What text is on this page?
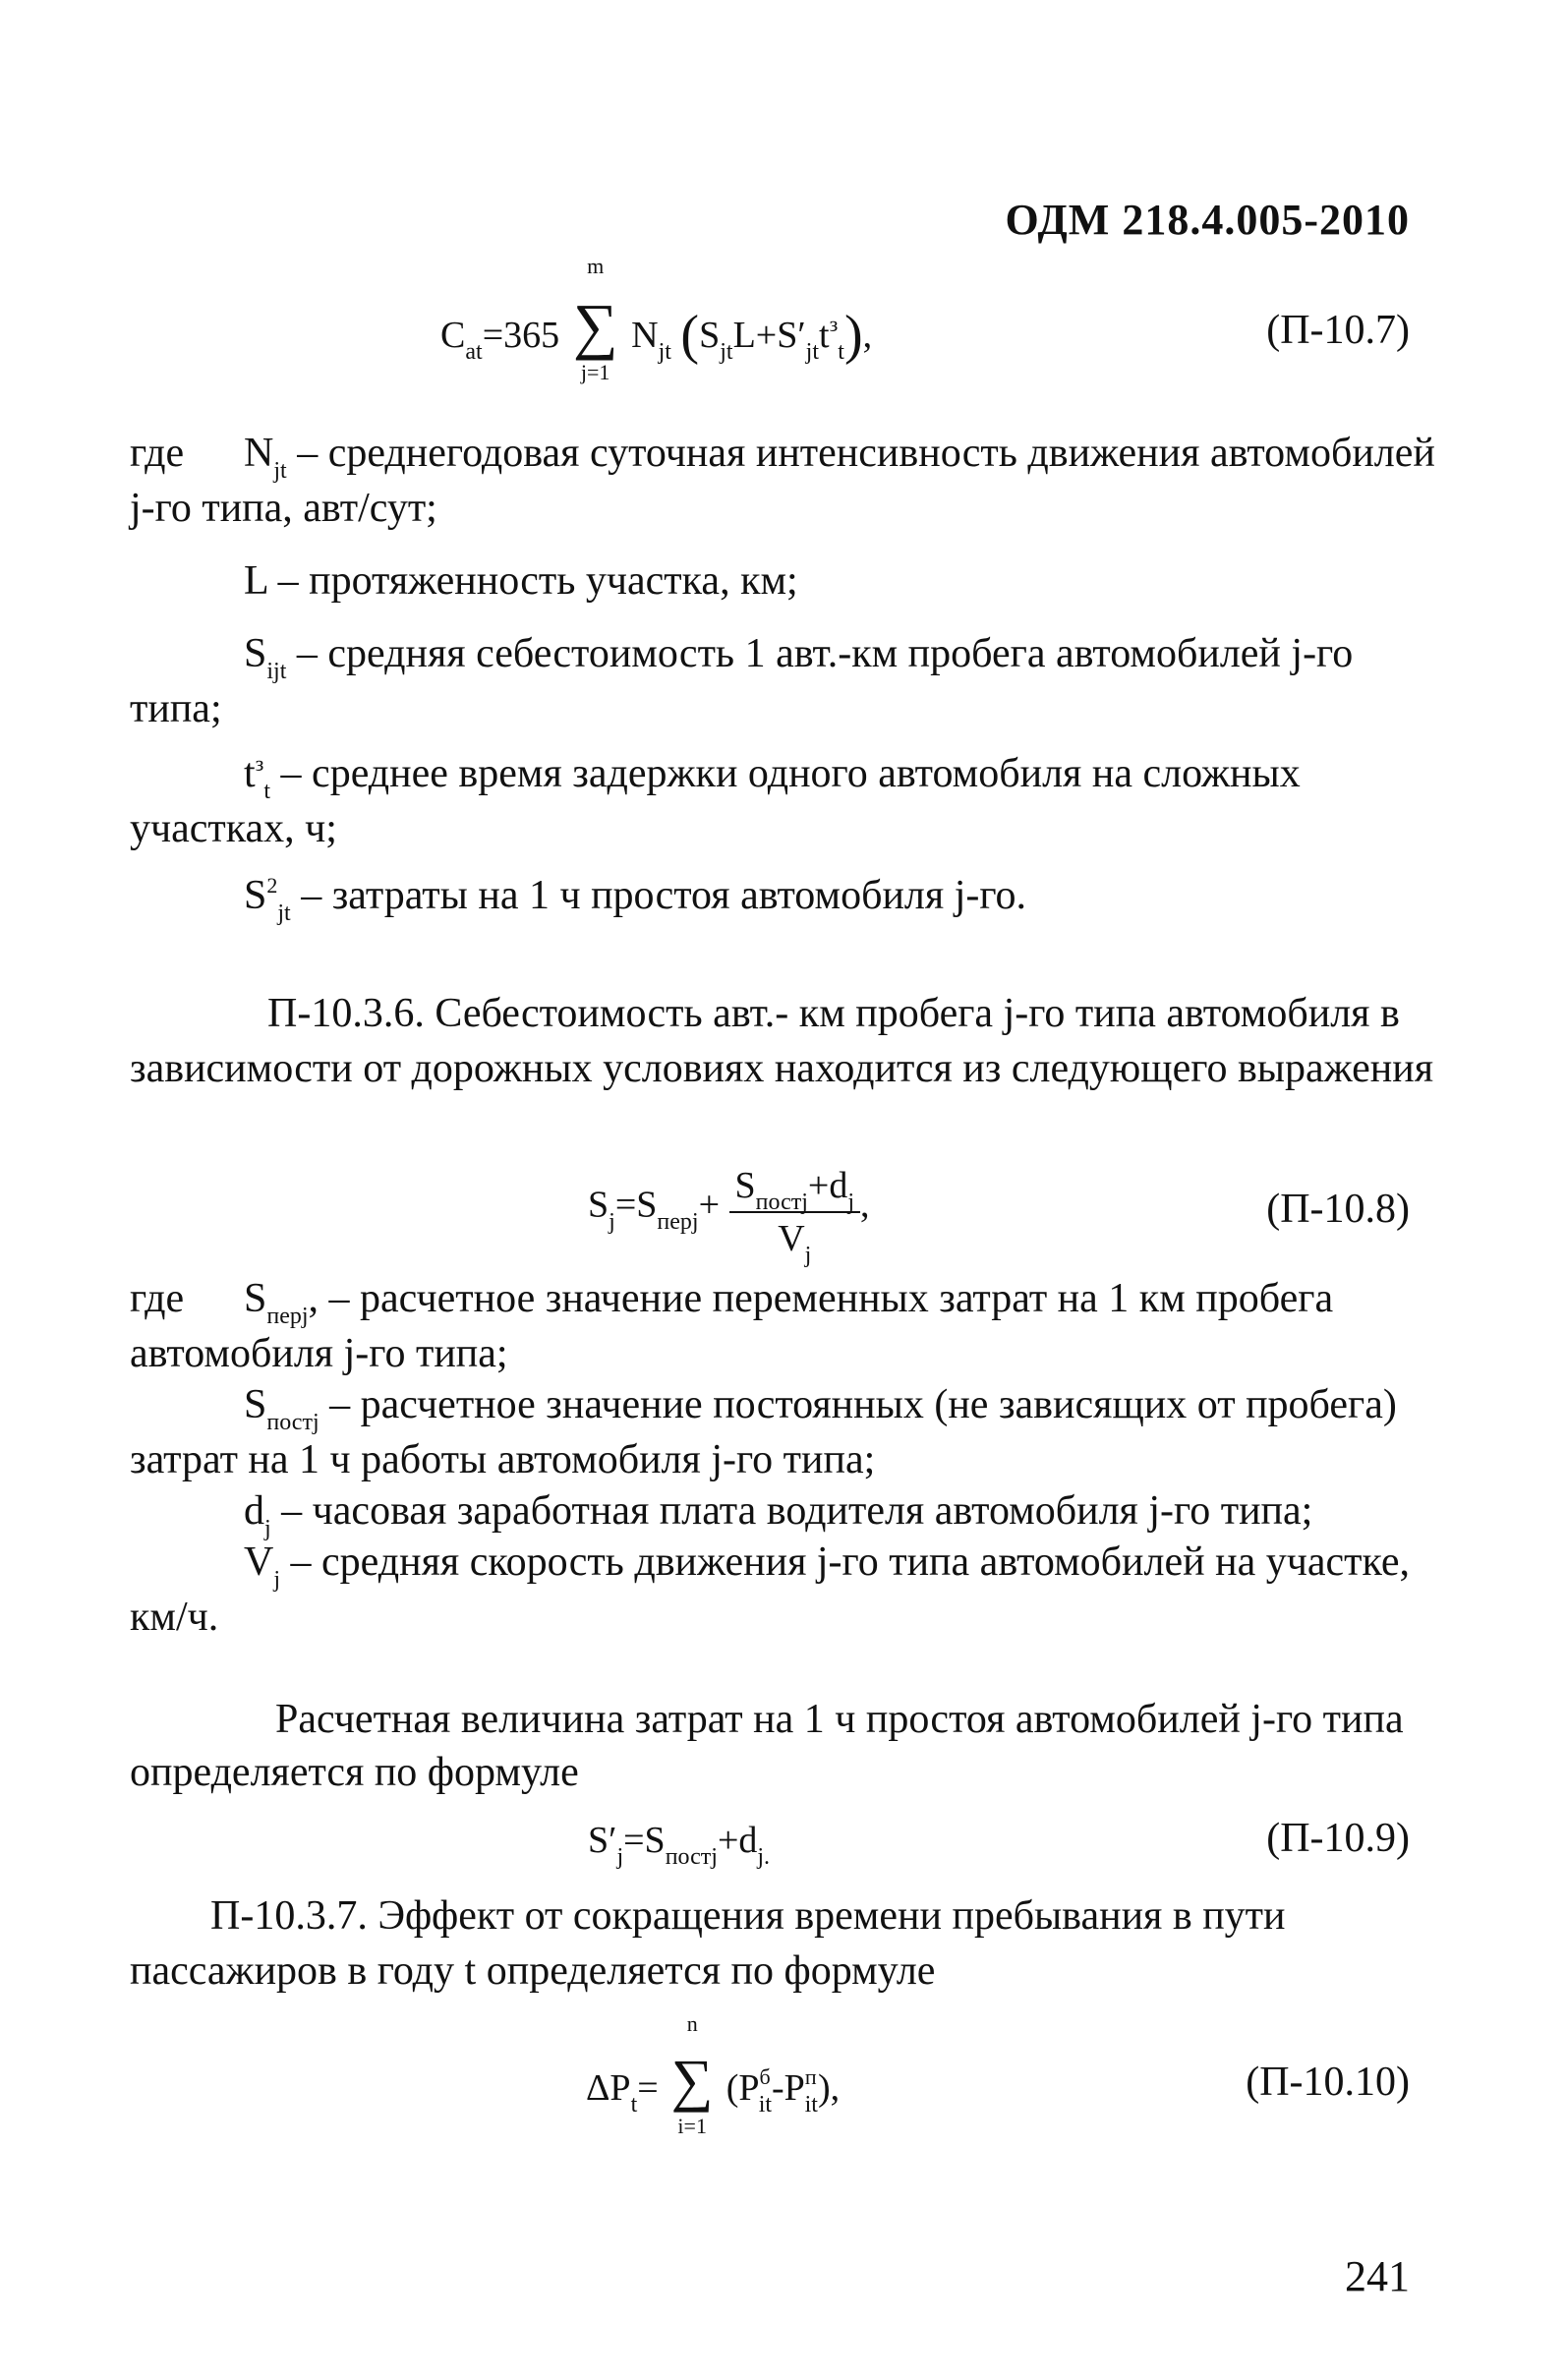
ОДМ 218.4.005-2010
$C_{at}=365$
m
∑
j=1
$N_{jt}$ $(S_{jt}L+S'_{jt}t^з_t)$,	(П-10.7)
где $N_{jt}$ – среднегодовая суточная интенсивность движения автомобилей
j-го типа, авт/сут;
L – протяженность участка, км;
$S_{ijt}$ – средняя себестоимость 1 авт.-км пробега автомобилей j-го
типа;
$t^з_t$ – среднее время задержки одного автомобиля на сложных
участках, ч;
$S^2_{jt}$ – затраты на 1 ч простоя автомобиля j-го.
П-10.3.6. Себестоимость авт.- км пробега j-го типа автомобиля в
зависимости от дорожных условиях находится из следующего выражения
$S_j=S_{перj}+ S_{постj}+d_j$
$V_j$
,	(П-10.8)
где $S_{перj}$, – расчетное значение переменных затрат на 1 км пробега
автомобиля j-го типа;
$S_{постj}$ – расчетное значение постоянных (не зависящих от пробега)
затрат на 1 ч работы автомобиля j-го типа;
$d_j$ – часовая заработная плата водителя автомобиля j-го типа;
$V_j$ – средняя скорость движения j-го типа автомобилей на участке,
км/ч.
Расчетная величина затрат на 1 ч простоя автомобилей j-го типа
определяется по формуле
$S'_j=S_{постj}+d_{j.}$	(П-10.9)
П-10.3.7. Эффект от сокращения времени пребывания в пути
пассажиров в году t определяется по формуле
$\Delta P_t=$
n
∑
i=1
$(P^б_{it}-P^п_{it})$,	(П-10.10)
241
